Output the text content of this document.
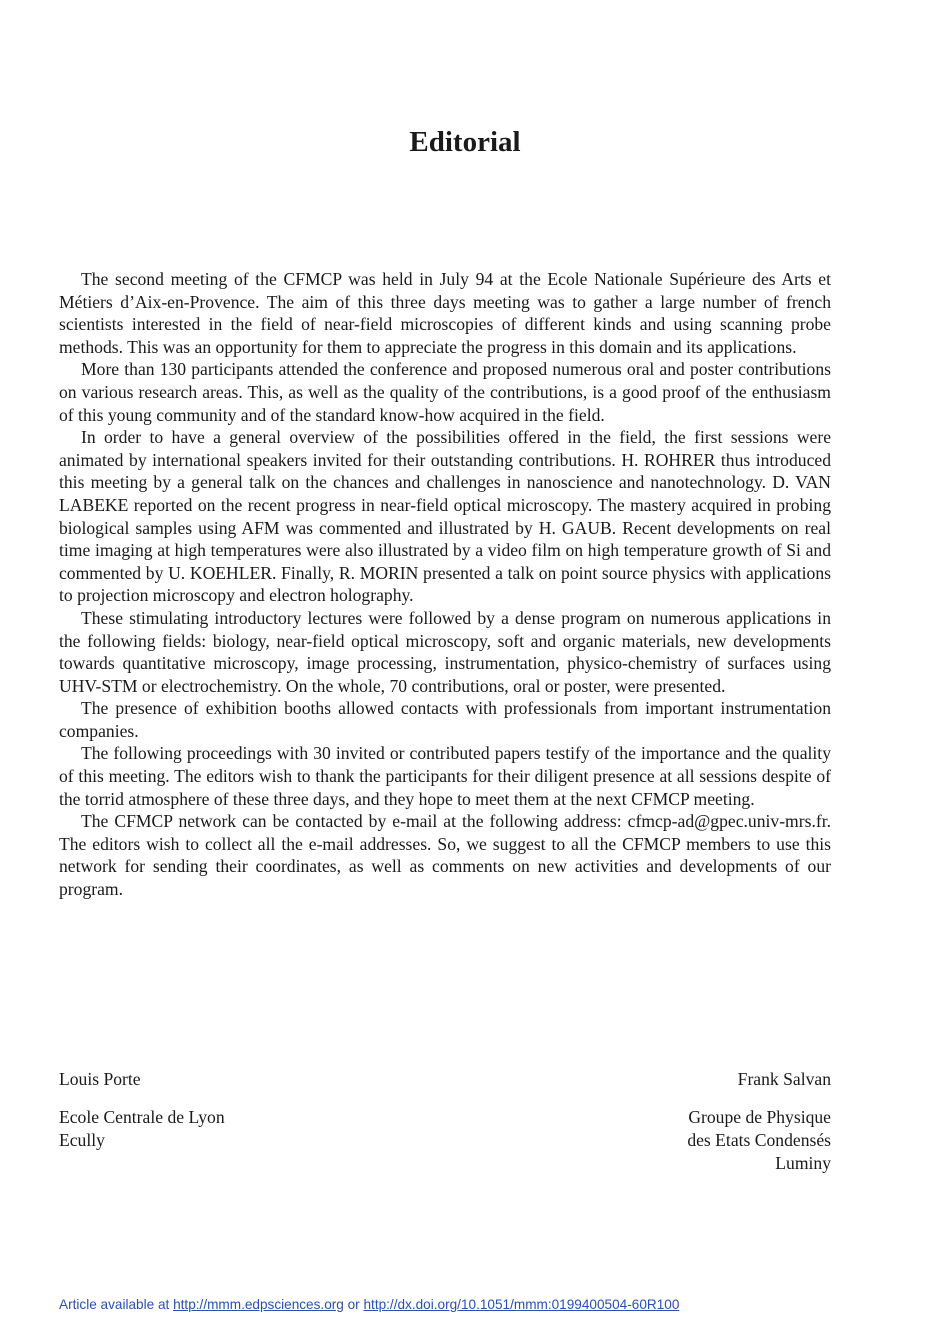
Editorial

The second meeting of the CFMCP was held in July 94 at the Ecole Nationale Supérieure des Arts et Métiers d’Aix-en-Provence. The aim of this three days meeting was to gather a large number of french scientists interested in the field of near-field microscopies of different kinds and using scanning probe methods. This was an opportunity for them to appreciate the progress in this domain and its applications.

More than 130 participants attended the conference and proposed numerous oral and poster contributions on various research areas. This, as well as the quality of the contributions, is a good proof of the enthusiasm of this young community and of the standard know-how acquired in the field.

In order to have a general overview of the possibilities offered in the field, the first sessions were animated by international speakers invited for their outstanding contributions. H. ROHRER thus introduced this meeting by a general talk on the chances and challenges in nanoscience and nanotechnology. D. VAN LABEKE reported on the recent progress in near-field optical microscopy. The mastery acquired in probing biological samples using AFM was commented and illustrated by H. GAUB. Recent developments on real time imaging at high temperatures were also illustrated by a video film on high temperature growth of Si and commented by U. KOEHLER. Finally, R. MORIN presented a talk on point source physics with applications to projection microscopy and electron holography.

These stimulating introductory lectures were followed by a dense program on numerous applications in the following fields: biology, near-field optical microscopy, soft and organic materials, new developments towards quantitative microscopy, image processing, instrumentation, physico-chemistry of surfaces using UHV-STM or electrochemistry. On the whole, 70 contributions, oral or poster, were presented.

The presence of exhibition booths allowed contacts with professionals from important instrumentation companies.

The following proceedings with 30 invited or contributed papers testify of the importance and the quality of this meeting. The editors wish to thank the participants for their diligent presence at all sessions despite of the torrid atmosphere of these three days, and they hope to meet them at the next CFMCP meeting.

The CFMCP network can be contacted by e-mail at the following address: cfmcp-ad@gpec.univ-mrs.fr. The editors wish to collect all the e-mail addresses. So, we suggest to all the CFMCP members to use this network for sending their coordinates, as well as comments on new activities and developments of our program.

Louis Porte	Frank Salvan
Ecole Centrale de Lyon
Ecully
Groupe de Physique
des Etats Condensés
Luminy
Article available at http://mmm.edpsciences.org or http://dx.doi.org/10.1051/mmm:0199400504-60R100
